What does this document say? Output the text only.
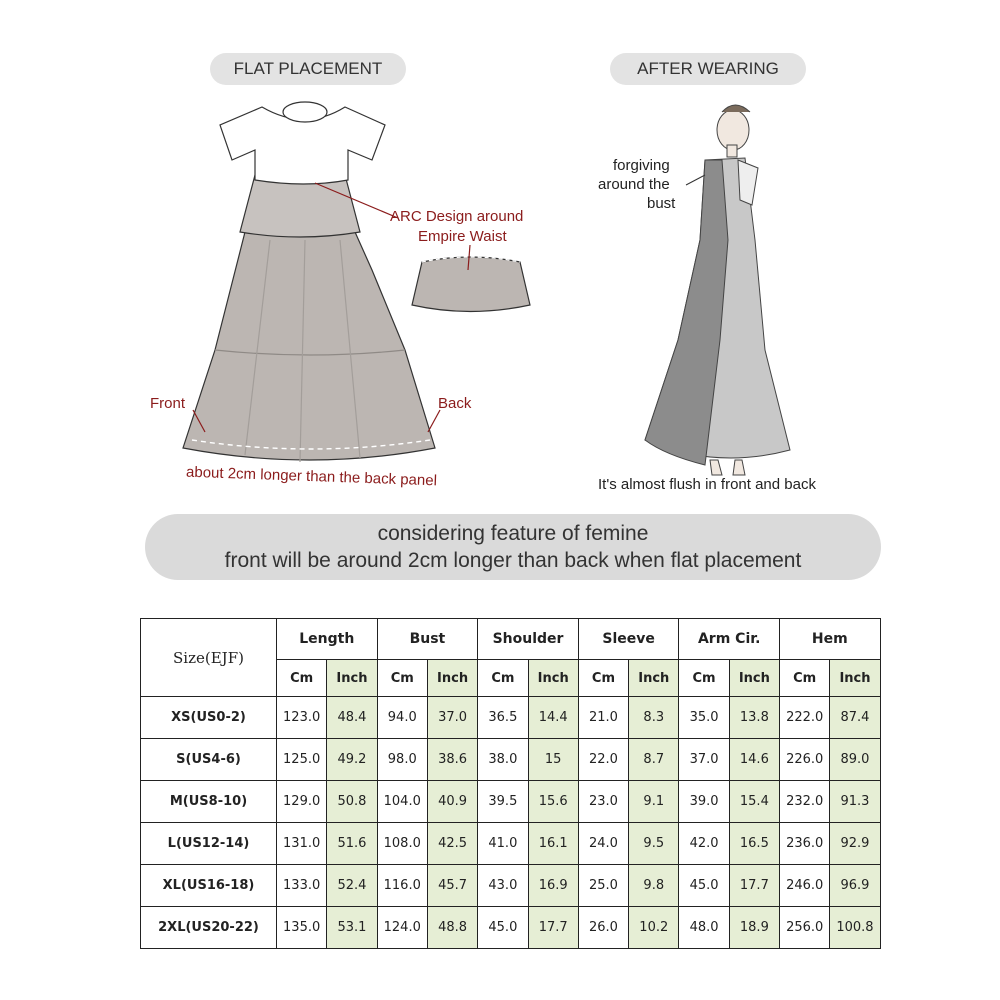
FLAT PLACEMENT	AFTER WEARING
ARC Design around
Empire Waist
Front	Back
about 2cm longer than the back panel
forgiving
around the
bust
It's almost flush in front and back
considering feature of femine
front will be around 2cm longer than back when flat placement
Size(EJF)	Length		Bust		Shoulder		Sleeve		Arm Cir.		Hem	
	Cm	Inch	Cm	Inch	Cm	Inch	Cm	Inch	Cm	Inch	Cm	Inch
XS(US0-2)	123.0	48.4	94.0	37.0	36.5	14.4	21.0	8.3	35.0	13.8	222.0	87.4
S(US4-6)	125.0	49.2	98.0	38.6	38.0	15	22.0	8.7	37.0	14.6	226.0	89.0
M(US8-10)	129.0	50.8	104.0	40.9	39.5	15.6	23.0	9.1	39.0	15.4	232.0	91.3
L(US12-14)	131.0	51.6	108.0	42.5	41.0	16.1	24.0	9.5	42.0	16.5	236.0	92.9
XL(US16-18)	133.0	52.4	116.0	45.7	43.0	16.9	25.0	9.8	45.0	17.7	246.0	96.9
2XL(US20-22)	135.0	53.1	124.0	48.8	45.0	17.7	26.0	10.2	48.0	18.9	256.0	100.8
